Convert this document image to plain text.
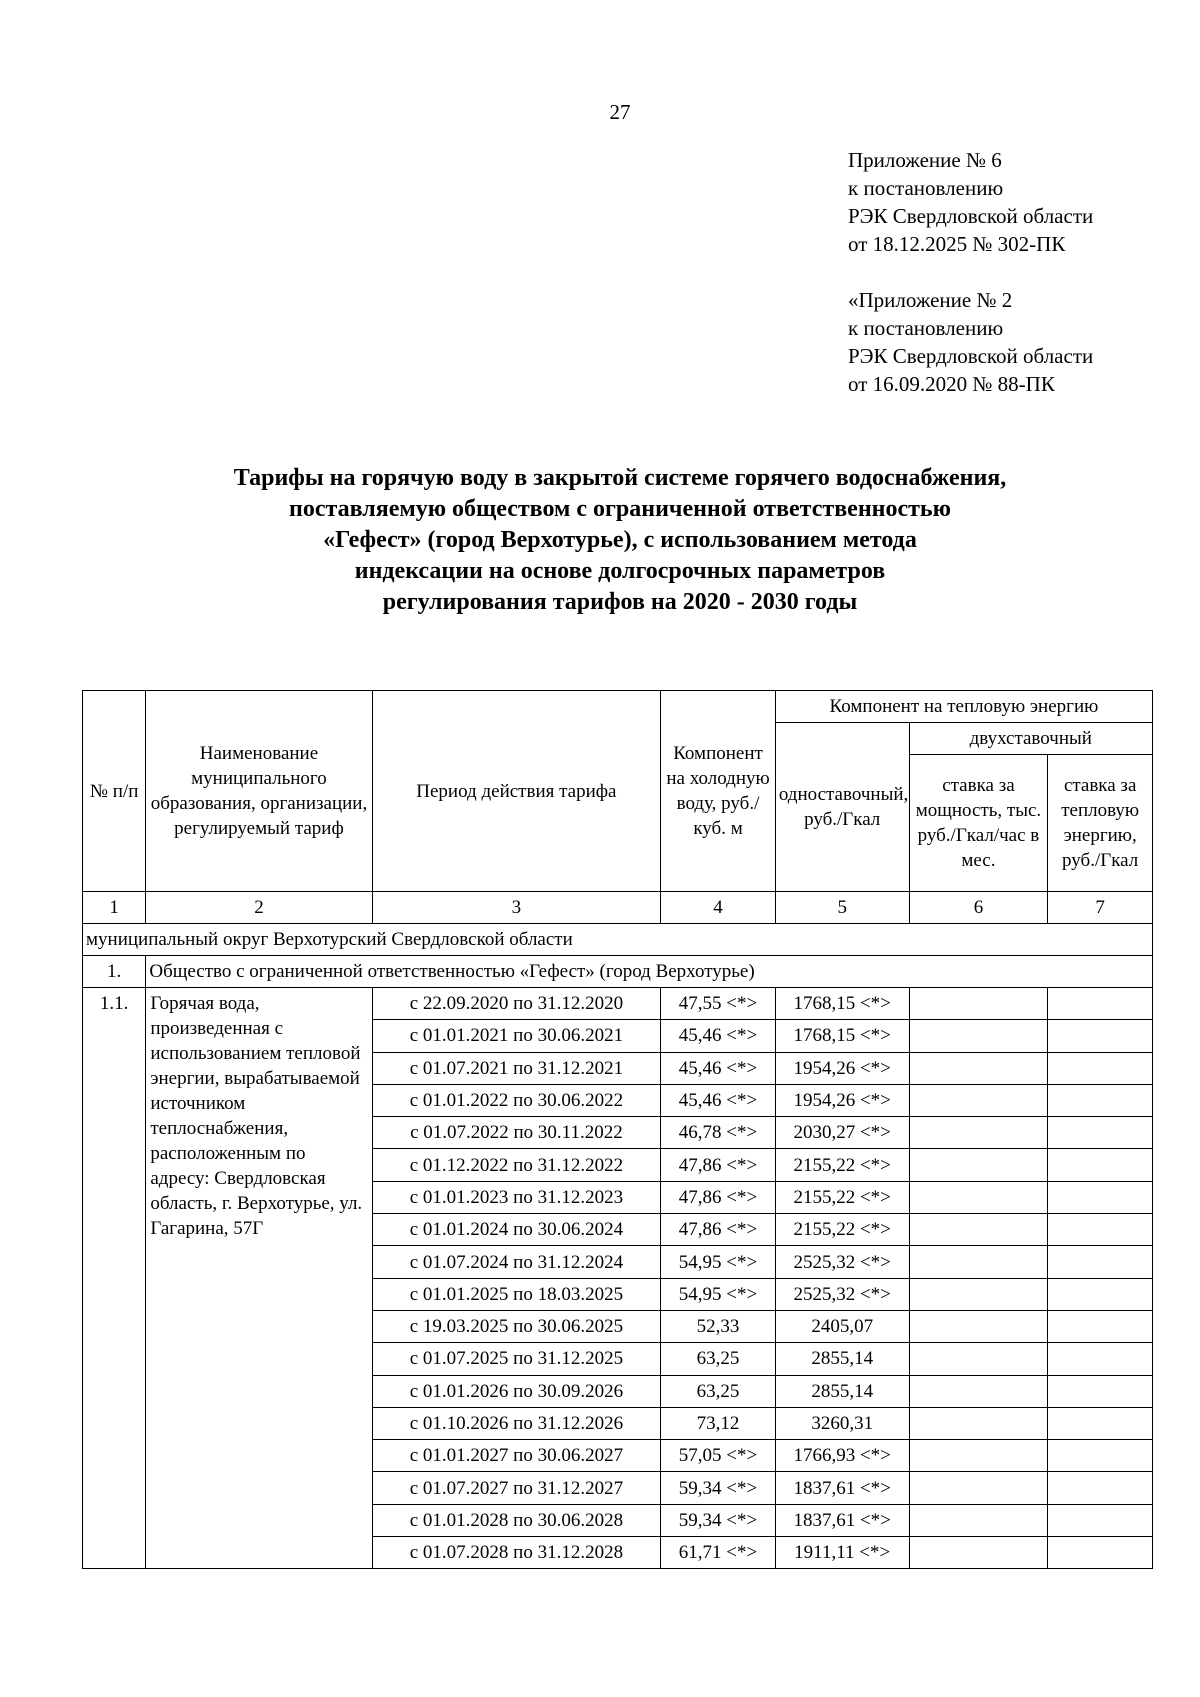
27
Приложение № 6
к постановлению
РЭК Свердловской области
от 18.12.2025 № 302-ПК
«Приложение № 2
к постановлению
РЭК Свердловской области
от 16.09.2020 № 88-ПК
Тарифы на горячую воду в закрытой системе горячего водоснабжения,
поставляемую обществом с ограниченной ответственностью
«Гефест» (город Верхотурье), с использованием метода
индексации на основе долгосрочных параметров
регулирования тарифов на 2020 - 2030 годы
№ п/п	Наименование муниципального образования, организации, регулируемый тариф	Период действия тарифа	Компонент на холодную воду, руб./куб. м	Компонент на тепловую энергию		
				одноставочный, руб./Гкал	двухставочный	
					ставка за мощность, тыс. руб./Гкал/час в мес.	ставка за тепловую энергию, руб./Гкал
1	2	3	4	5	6	7
муниципальный округ Верхотурский Свердловской области						
1.	Общество с ограниченной ответственностью «Гефест» (город Верхотурье)					
1.1.	Горячая вода, произведенная с использованием тепловой энергии, вырабатываемой источником теплоснабжения, расположенным по адресу: Свердловская область, г. Верхотурье, ул. Гагарина, 57Г	с 22.09.2020 по 31.12.2020	47,55 <*>	1768,15 <*>		
		с 01.01.2021 по 30.06.2021	45,46 <*>	1768,15 <*>		
		с 01.07.2021 по 31.12.2021	45,46 <*>	1954,26 <*>		
		с 01.01.2022 по 30.06.2022	45,46 <*>	1954,26 <*>		
		с 01.07.2022 по 30.11.2022	46,78 <*>	2030,27 <*>		
		с 01.12.2022 по 31.12.2022	47,86 <*>	2155,22 <*>		
		с 01.01.2023 по 31.12.2023	47,86 <*>	2155,22 <*>		
		с 01.01.2024 по 30.06.2024	47,86 <*>	2155,22 <*>		
		с 01.07.2024 по 31.12.2024	54,95 <*>	2525,32 <*>		
		с 01.01.2025 по 18.03.2025	54,95 <*>	2525,32 <*>		
		с 19.03.2025 по 30.06.2025	52,33	2405,07		
		с 01.07.2025 по 31.12.2025	63,25	2855,14		
		с 01.01.2026 по 30.09.2026	63,25	2855,14		
		с 01.10.2026 по 31.12.2026	73,12	3260,31		
		с 01.01.2027 по 30.06.2027	57,05 <*>	1766,93 <*>		
		с 01.07.2027 по 31.12.2027	59,34 <*>	1837,61 <*>		
		с 01.01.2028 по 30.06.2028	59,34 <*>	1837,61 <*>		
		с 01.07.2028 по 31.12.2028	61,71 <*>	1911,11 <*>		
